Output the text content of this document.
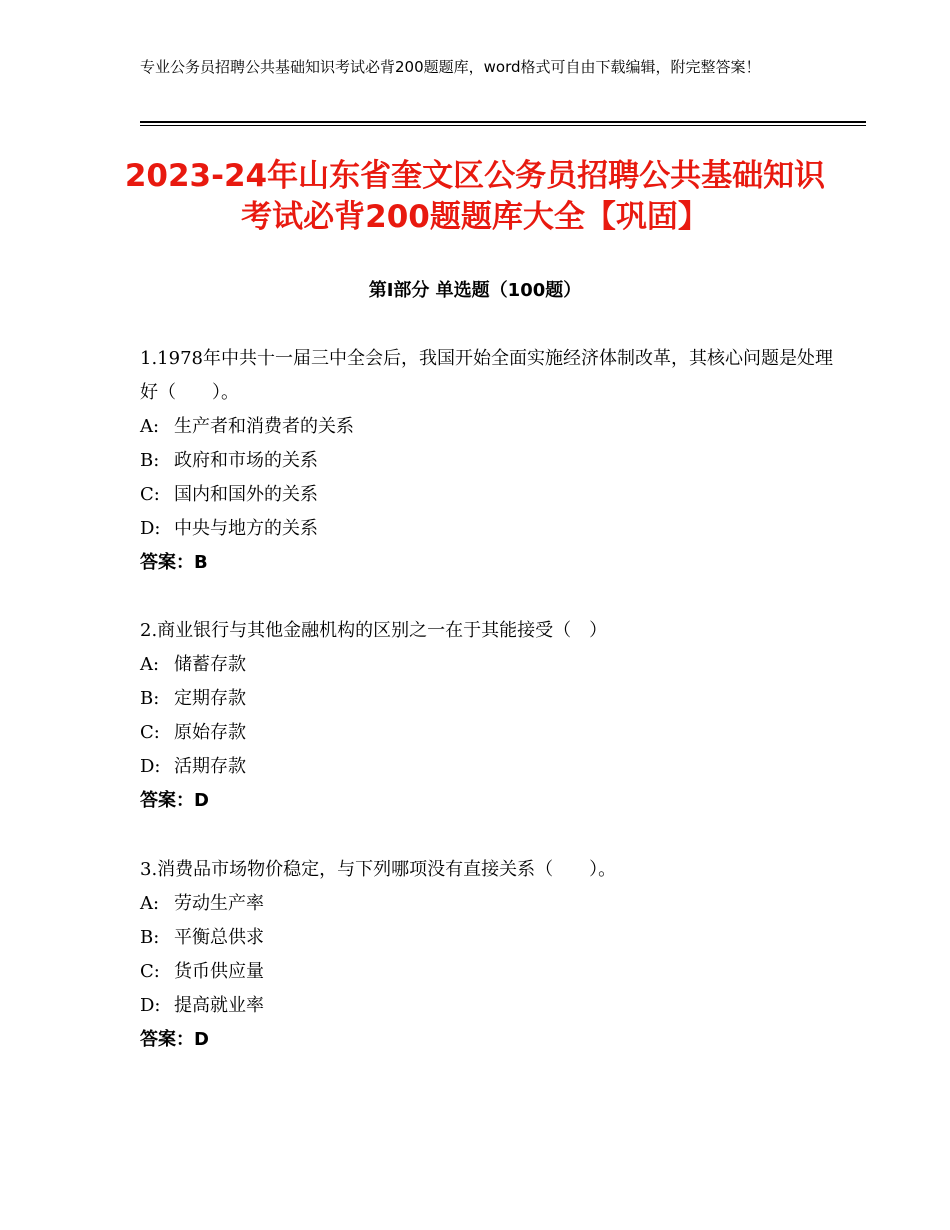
专业公务员招聘公共基础知识考试必背200题题库，word格式可自由下载编辑，附完整答案！
2023-24年山东省奎文区公务员招聘公共基础知识考试必背200题题库大全【巩固】
第Ⅰ部分 单选题（100题）
1.1978年中共十一届三中全会后，我国开始全面实施经济体制改革，其核心问题是处理好（　　）。
A: 生产者和消费者的关系
B: 政府和市场的关系
C: 国内和国外的关系
D: 中央与地方的关系
答案：B
2.商业银行与其他金融机构的区别之一在于其能接受（　）
A: 储蓄存款
B: 定期存款
C: 原始存款
D: 活期存款
答案：D
3.消费品市场物价稳定，与下列哪项没有直接关系（　　）。
A: 劳动生产率
B: 平衡总供求
C: 货币供应量
D: 提高就业率
答案：D
